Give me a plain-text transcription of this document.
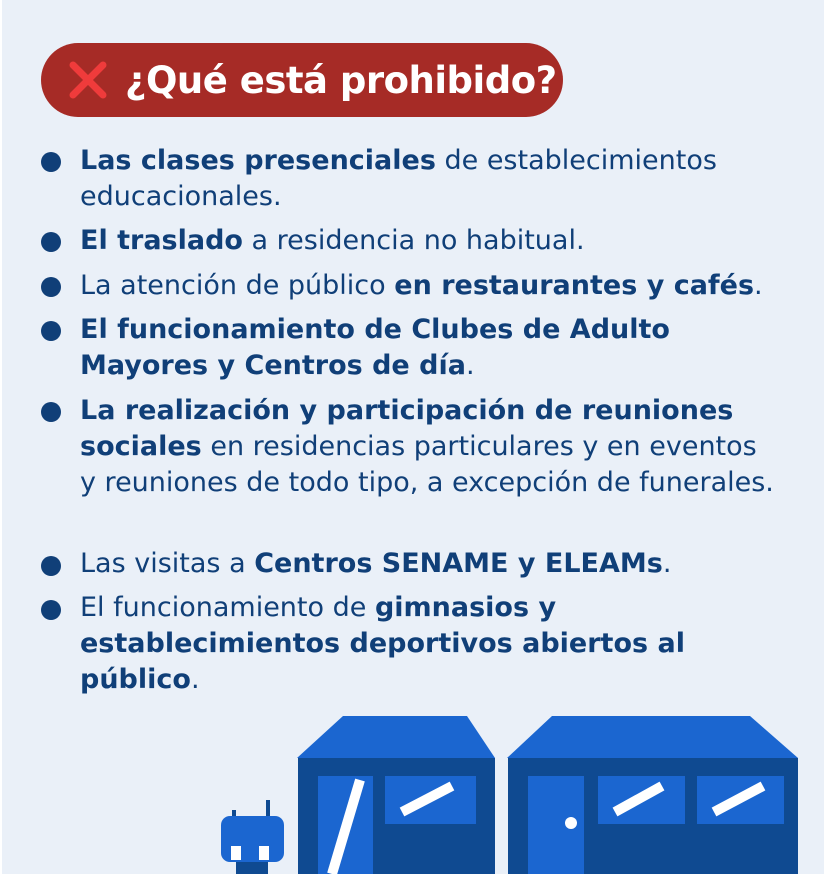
¿Qué está prohibido?
Las clases presenciales de establecimientos educacionales.
El traslado a residencia no habitual.
La atención de público en restaurantes y cafés.
El funcionamiento de Clubes de Adulto Mayores y Centros de día.
La realización y participación de reuniones sociales en residencias particulares y en eventos y reuniones de todo tipo, a excepción de funerales.
Las visitas a Centros SENAME y ELEAMs.
El funcionamiento de gimnasios y establecimientos deportivos abiertos al público.
